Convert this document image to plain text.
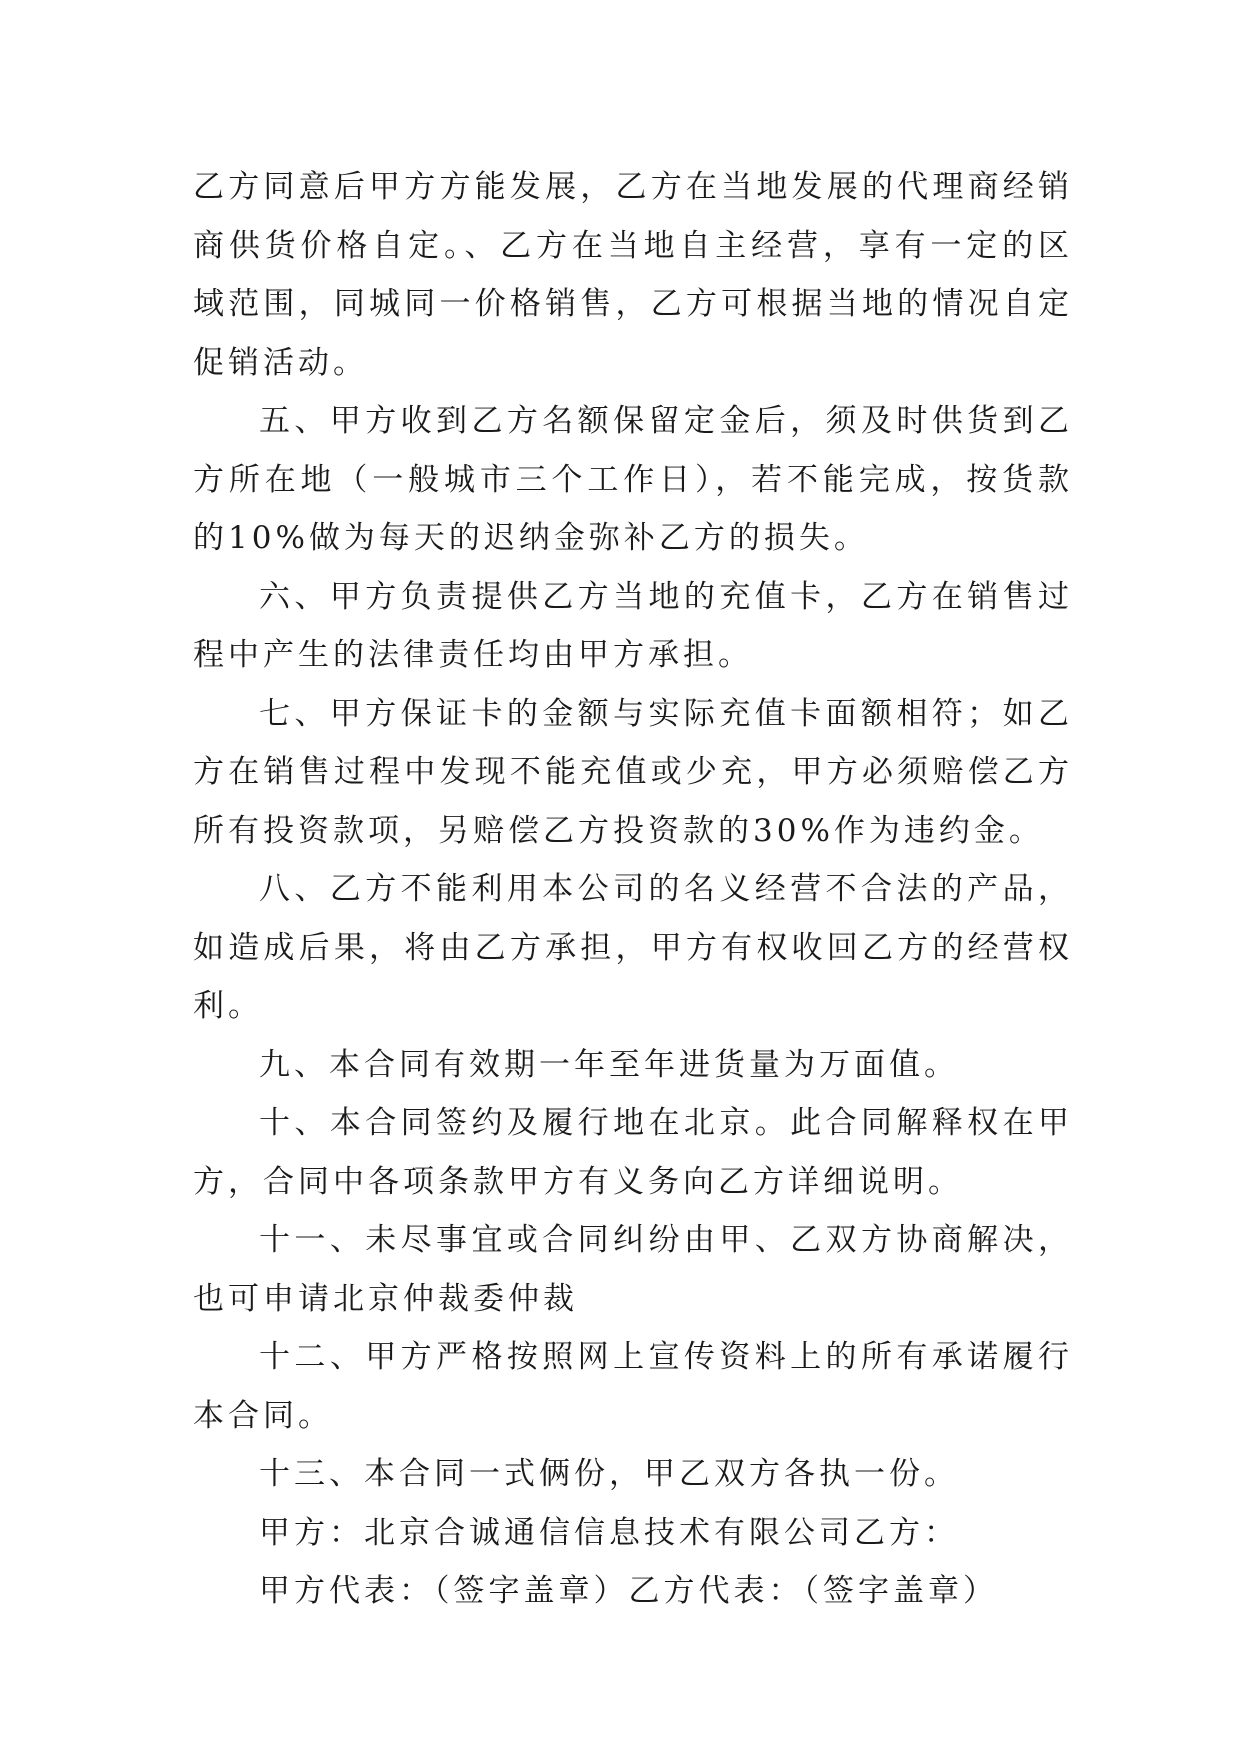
乙方同意后甲方方能发展，乙方在当地发展的代理商经销商供货价格自定。、乙方在当地自主经营，享有一定的区域范围，同城同一价格销售，乙方可根据当地的情况自定促销活动。

五、甲方收到乙方名额保留定金后，须及时供货到乙方所在地（一般城市三个工作日），若不能完成，按货款的10%做为每天的迟纳金弥补乙方的损失。

六、甲方负责提供乙方当地的充值卡，乙方在销售过程中产生的法律责任均由甲方承担。

七、甲方保证卡的金额与实际充值卡面额相符；如乙方在销售过程中发现不能充值或少充，甲方必须赔偿乙方所有投资款项，另赔偿乙方投资款的30%作为违约金。

八、乙方不能利用本公司的名义经营不合法的产品，如造成后果，将由乙方承担，甲方有权收回乙方的经营权利。

九、本合同有效期一年至年进货量为万面值。

十、本合同签约及履行地在北京。此合同解释权在甲方，合同中各项条款甲方有义务向乙方详细说明。

十一、未尽事宜或合同纠纷由甲、乙双方协商解决，也可申请北京仲裁委仲裁

十二、甲方严格按照网上宣传资料上的所有承诺履行本合同。

十三、本合同一式俩份，甲乙双方各执一份。

甲方：北京合诚通信信息技术有限公司乙方：

甲方代表：（签字盖章）乙方代表：（签字盖章）
